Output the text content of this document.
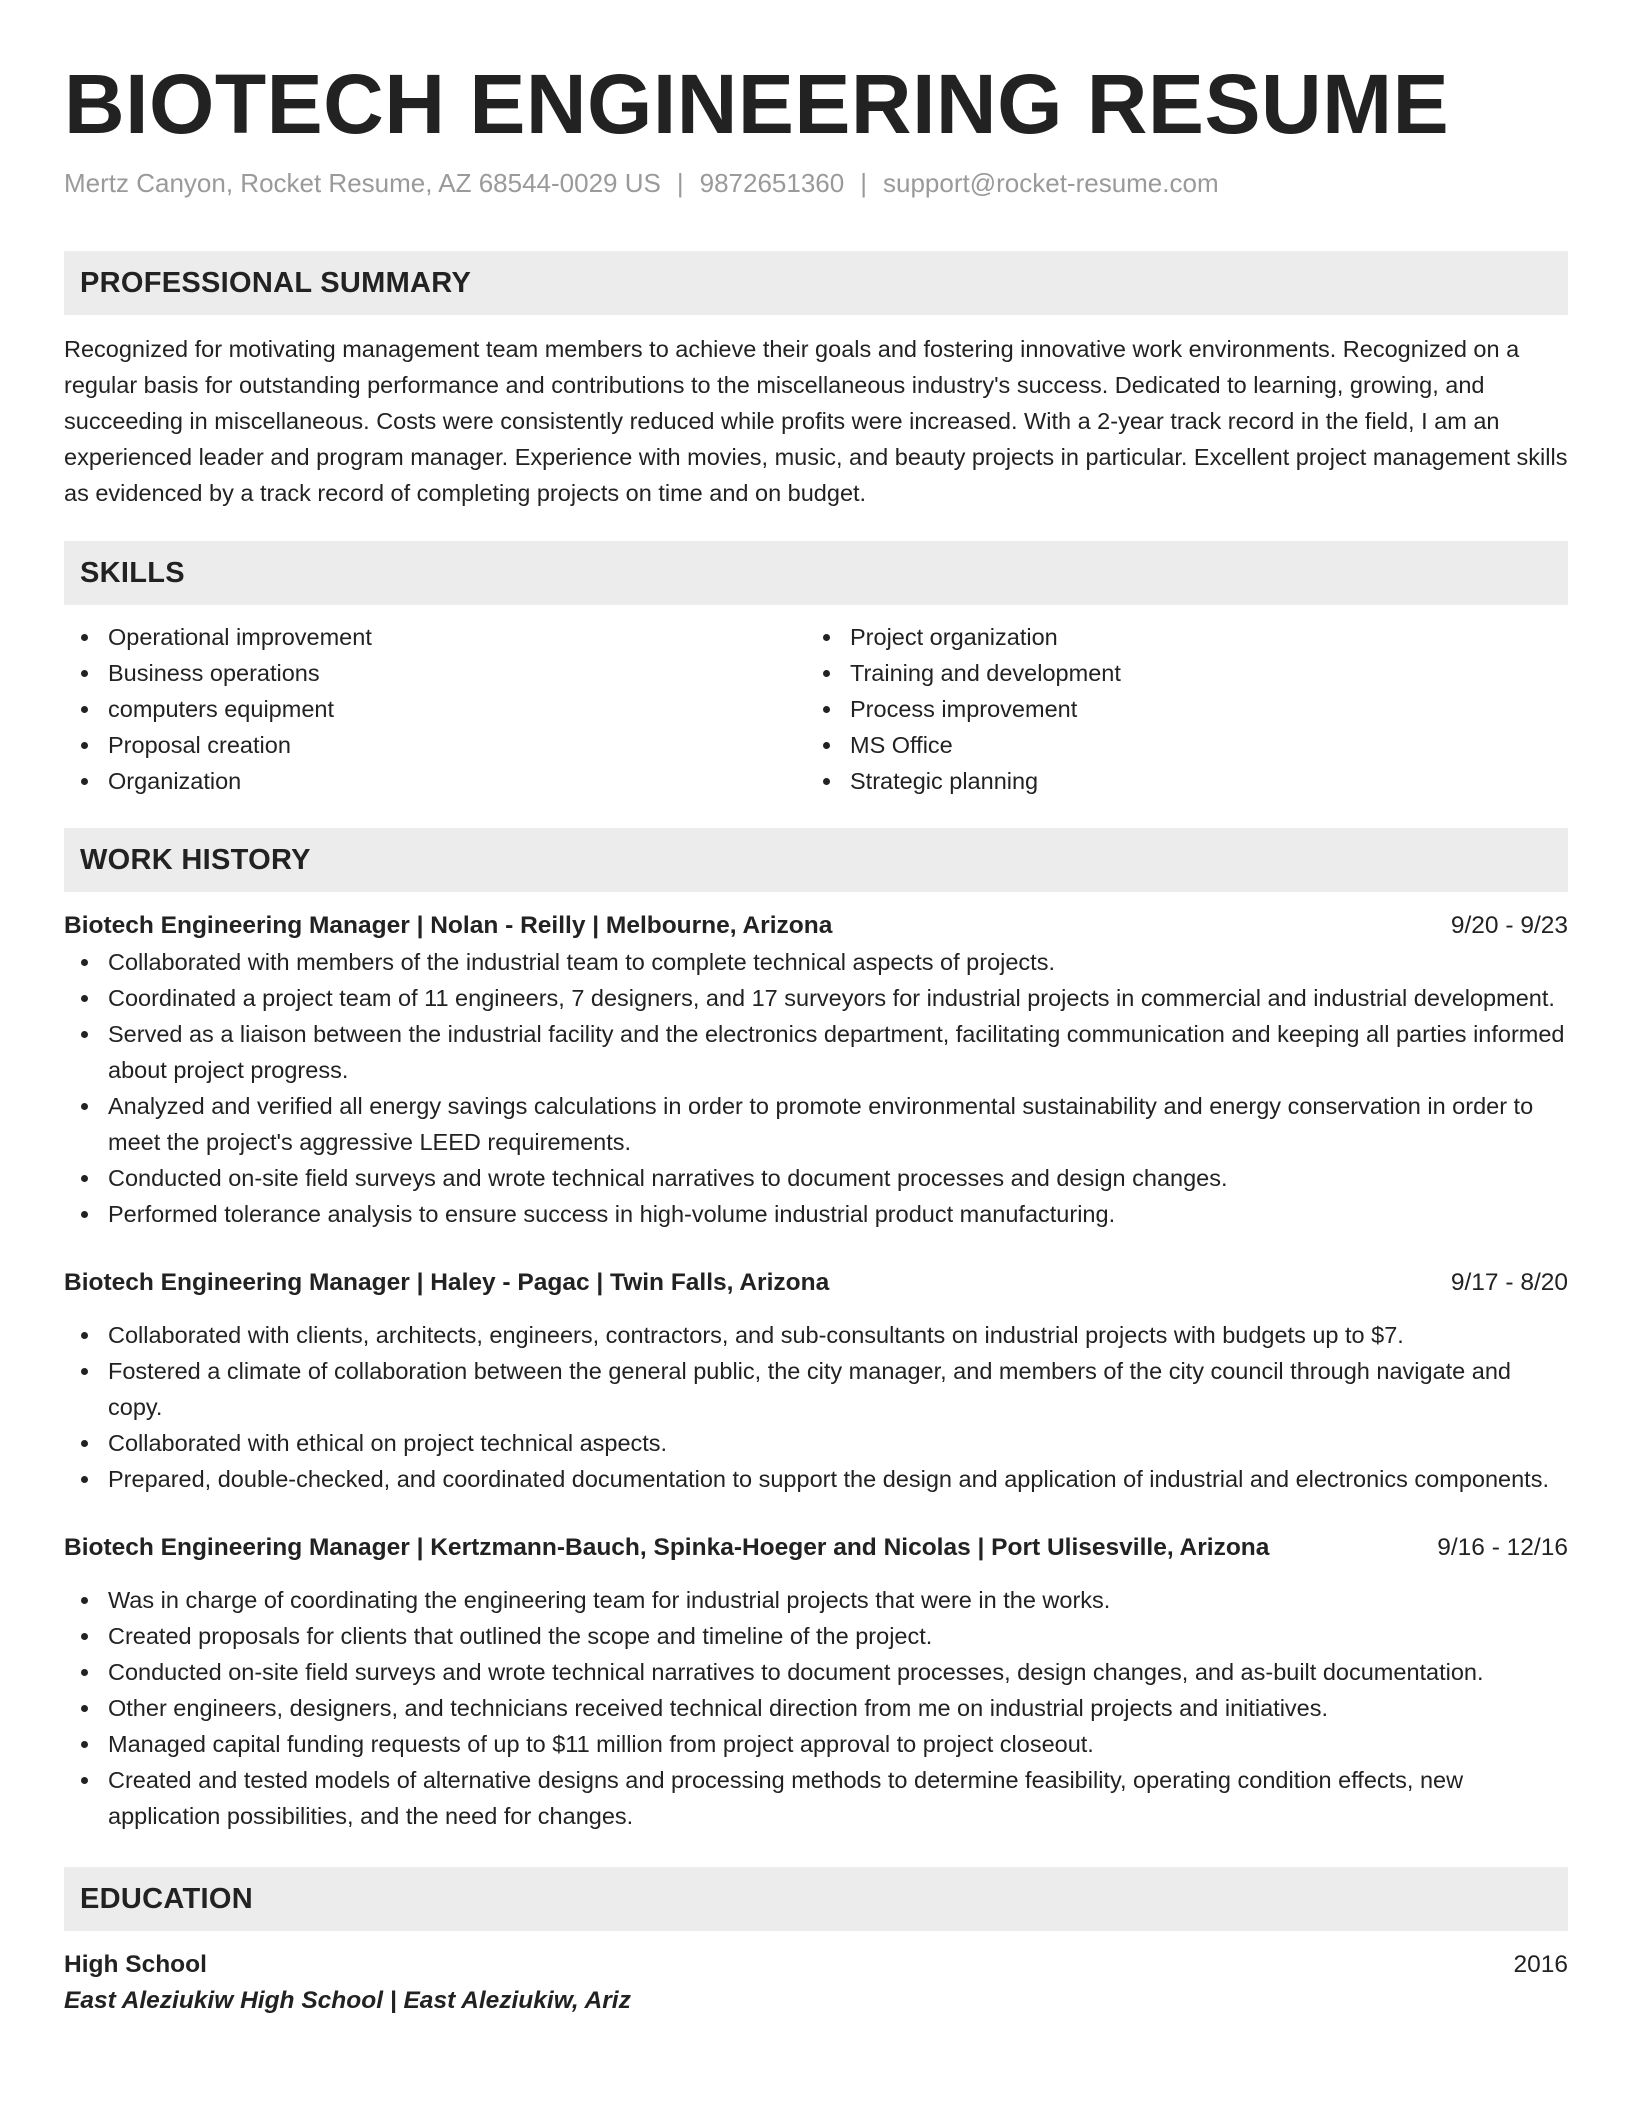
BIOTECH ENGINEERING RESUME
Mertz Canyon, Rocket Resume, AZ 68544-0029 US | 9872651360 | support@rocket-resume.com
PROFESSIONAL SUMMARY

Recognized for motivating management team members to achieve their goals and fostering innovative work environments. Recognized on a regular basis for outstanding performance and contributions to the miscellaneous industry's success. Dedicated to learning, growing, and succeeding in miscellaneous. Costs were consistently reduced while profits were increased. With a 2-year track record in the field, I am an experienced leader and program manager. Experience with movies, music, and beauty projects in particular. Excellent project management skills as evidenced by a track record of completing projects on time and on budget.

SKILLS
Operational improvement
Business operations
computers equipment
Proposal creation
Organization
Project organization
Training and development
Process improvement
MS Office
Strategic planning
WORK HISTORY
Biotech Engineering Manager | Nolan - Reilly | Melbourne, Arizona	9/20 - 9/23
Collaborated with members of the industrial team to complete technical aspects of projects.
Coordinated a project team of 11 engineers, 7 designers, and 17 surveyors for industrial projects in commercial and industrial development.
Served as a liaison between the industrial facility and the electronics department, facilitating communication and keeping all parties informed about project progress.
Analyzed and verified all energy savings calculations in order to promote environmental sustainability and energy conservation in order to meet the project's aggressive LEED requirements.
Conducted on-site field surveys and wrote technical narratives to document processes and design changes.
Performed tolerance analysis to ensure success in high-volume industrial product manufacturing.
Biotech Engineering Manager | Haley - Pagac | Twin Falls, Arizona	9/17 - 8/20
Collaborated with clients, architects, engineers, contractors, and sub-consultants on industrial projects with budgets up to $7.
Fostered a climate of collaboration between the general public, the city manager, and members of the city council through navigate and copy.
Collaborated with ethical on project technical aspects.
Prepared, double-checked, and coordinated documentation to support the design and application of industrial and electronics components.
Biotech Engineering Manager | Kertzmann-Bauch, Spinka-Hoeger and Nicolas | Port Ulisesville, Arizona	9/16 - 12/16
Was in charge of coordinating the engineering team for industrial projects that were in the works.
Created proposals for clients that outlined the scope and timeline of the project.
Conducted on-site field surveys and wrote technical narratives to document processes, design changes, and as-built documentation.
Other engineers, designers, and technicians received technical direction from me on industrial projects and initiatives.
Managed capital funding requests of up to $11 million from project approval to project closeout.
Created and tested models of alternative designs and processing methods to determine feasibility, operating condition effects, new application possibilities, and the need for changes.
EDUCATION
High School	2016
East Aleziukiw High School | East Aleziukiw, Ariz
